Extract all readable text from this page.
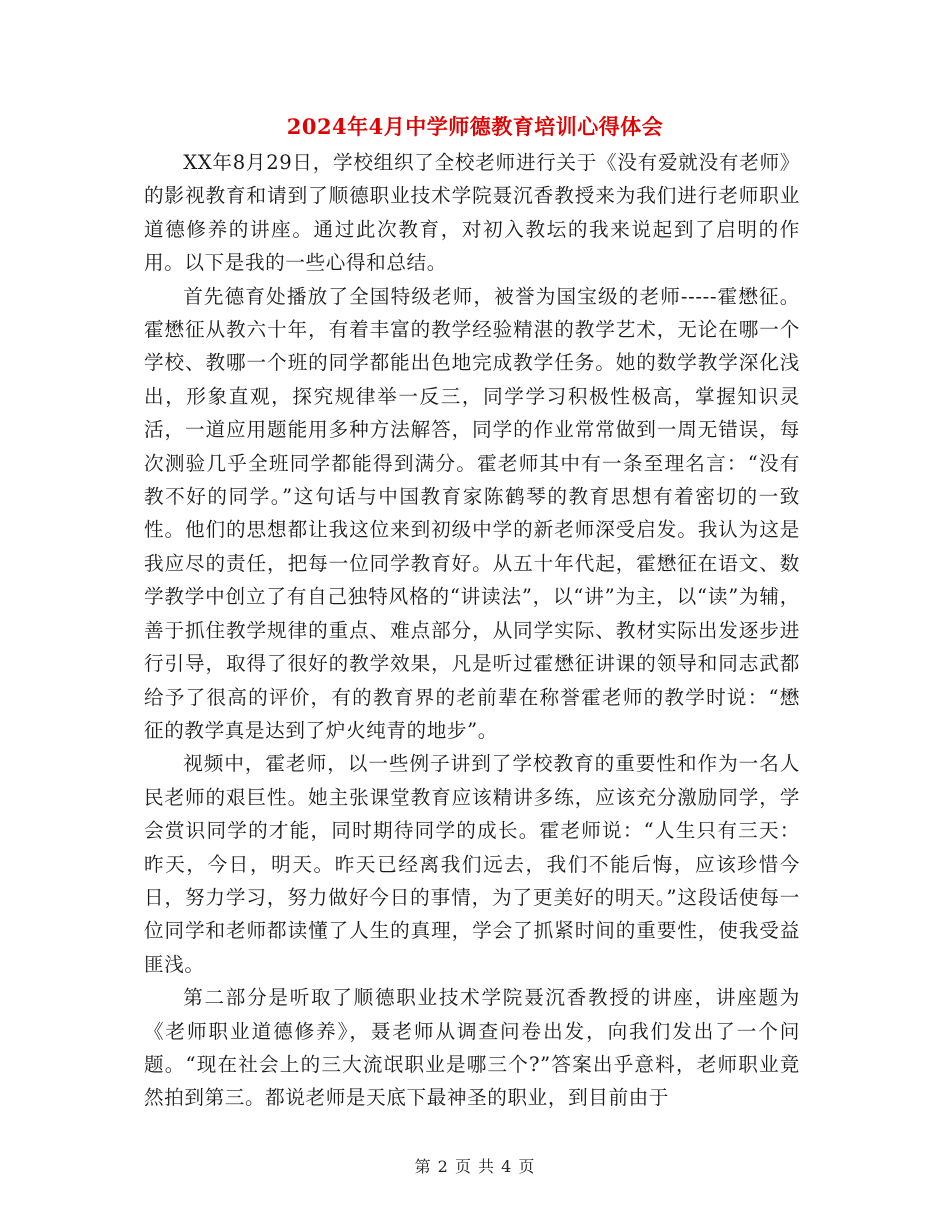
2024年4月中学师德教育培训心得体会

XX年8月29日，学校组织了全校老师进行关于《没有爱就没有老师》的影视教育和请到了顺德职业技术学院聂沉香教授来为我们进行老师职业道德修养的讲座。通过此次教育，对初入教坛的我来说起到了启明的作用。以下是我的一些心得和总结。

首先德育处播放了全国特级老师，被誉为国宝级的老师-----霍懋征。霍懋征从教六十年，有着丰富的教学经验精湛的教学艺术，无论在哪一个学校、教哪一个班的同学都能出色地完成教学任务。她的数学教学深化浅出，形象直观，探究规律举一反三，同学学习积极性极高，掌握知识灵活，一道应用题能用多种方法解答，同学的作业常常做到一周无错误，每次测验几乎全班同学都能得到满分。霍老师其中有一条至理名言：“没有教不好的同学。”这句话与中国教育家陈鹤琴的教育思想有着密切的一致性。他们的思想都让我这位来到初级中学的新老师深受启发。我认为这是我应尽的责任，把每一位同学教育好。从五十年代起，霍懋征在语文、数学教学中创立了有自己独特风格的“讲读法”，以“讲”为主，以“读”为辅，善于抓住教学规律的重点、难点部分，从同学实际、教材实际出发逐步进行引导，取得了很好的教学效果，凡是听过霍懋征讲课的领导和同志武都给予了很高的评价，有的教育界的老前辈在称誉霍老师的教学时说：“懋征的教学真是达到了炉火纯青的地步”。

视频中，霍老师，以一些例子讲到了学校教育的重要性和作为一名人民老师的艰巨性。她主张课堂教育应该精讲多练，应该充分激励同学，学会赏识同学的才能，同时期待同学的成长。霍老师说：“人生只有三天：昨天，今日，明天。昨天已经离我们远去，我们不能后悔，应该珍惜今日，努力学习，努力做好今日的事情，为了更美好的明天。”这段话使每一位同学和老师都读懂了人生的真理，学会了抓紧时间的重要性，使我受益匪浅。

第二部分是听取了顺德职业技术学院聂沉香教授的讲座，讲座题为《老师职业道德修养》，聂老师从调查问卷出发，向我们发出了一个问题。“现在社会上的三大流氓职业是哪三个?”答案出乎意料，老师职业竟然拍到第三。都说老师是天底下最神圣的职业，到目前由于

第 2 页 共 4 页
